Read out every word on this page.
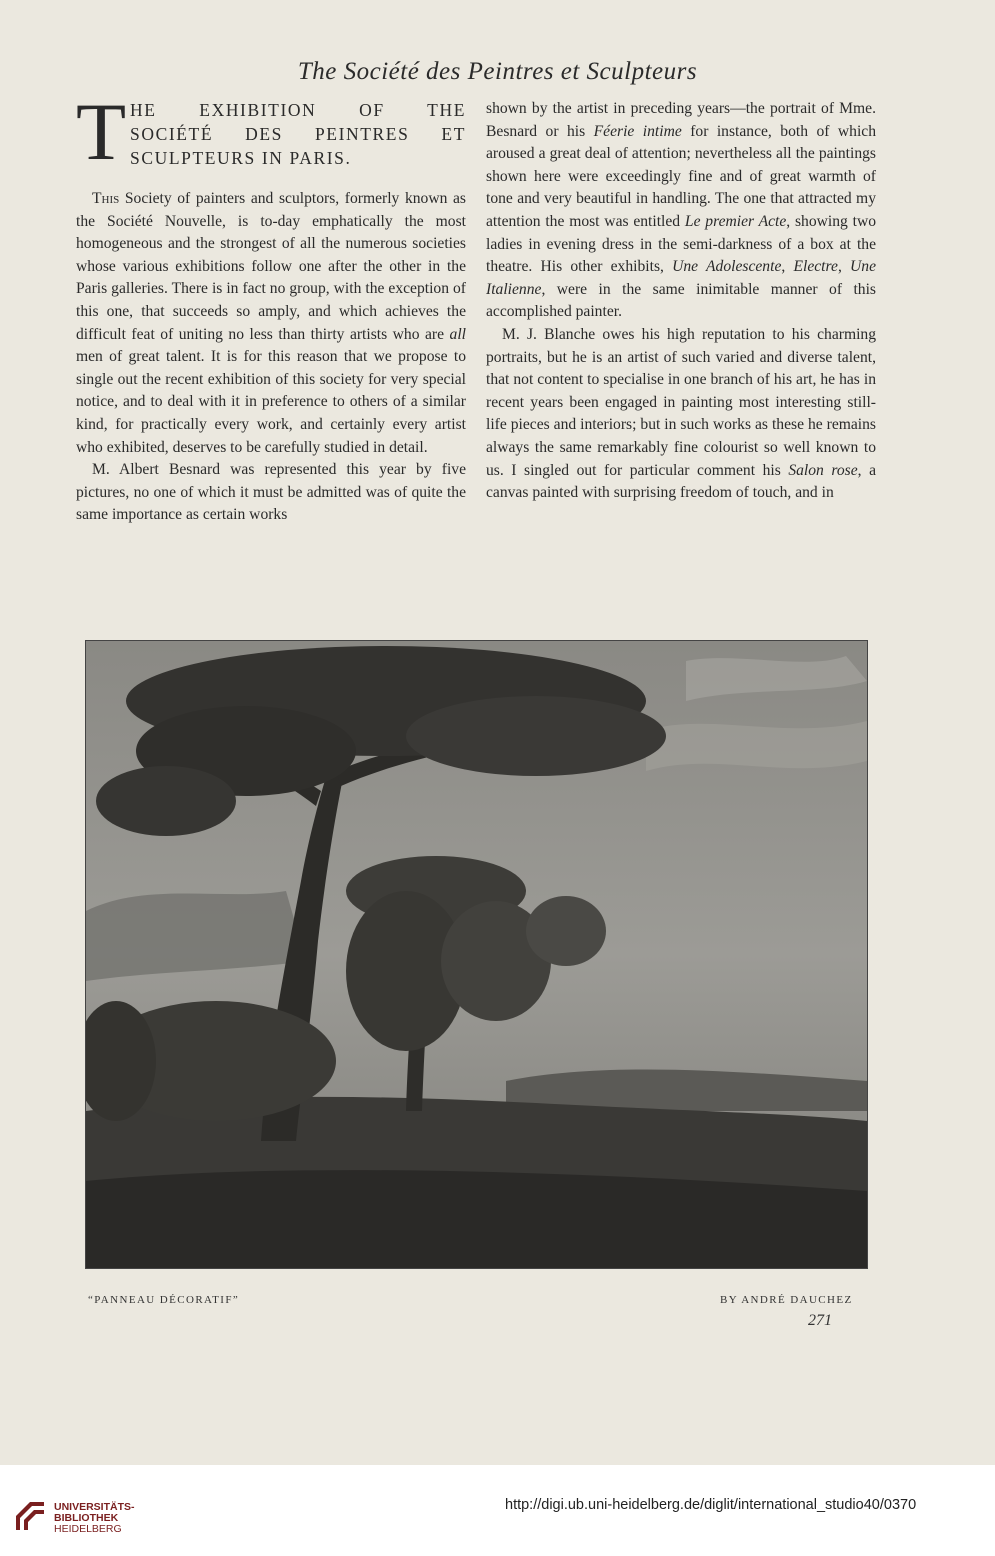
The Société des Peintres et Sculpteurs
T HE EXHIBITION OF THE
SOCIÉTÉ DES PEINTRES ET
SCULPTEURS IN PARIS.

This Society of painters and sculptors, formerly known as the Société Nouvelle, is to-day emphatically the most homogeneous and the strongest of all the numerous societies whose various exhibitions follow one after the other in the Paris galleries. There is in fact no group, with the exception of this one, that succeeds so amply, and which achieves the difficult feat of uniting no less than thirty artists who are all men of great talent. It is for this reason that we propose to single out the recent exhibition of this society for very special notice, and to deal with it in preference to others of a similar kind, for practically every work, and certainly every artist who exhibited, deserves to be carefully studied in detail.

M. Albert Besnard was represented this year by five pictures, no one of which it must be admitted was of quite the same importance as certain works

shown by the artist in preceding years—the portrait of Mme. Besnard or his Féerie intime for instance, both of which aroused a great deal of attention; nevertheless all the paintings shown here were exceedingly fine and of great warmth of tone and very beautiful in handling. The one that attracted my attention the most was entitled Le premier Acte, showing two ladies in evening dress in the semi-darkness of a box at the theatre. His other exhibits, Une Adolescente, Electre, Une Italienne, were in the same inimitable manner of this accomplished painter.

M. J. Blanche owes his high reputation to his charming portraits, but he is an artist of such varied and diverse talent, that not content to specialise in one branch of his art, he has in recent years been engaged in painting most interesting still-life pieces and interiors; but in such works as these he remains always the same remarkably fine colourist so well known to us. I singled out for particular comment his Salon rose, a canvas painted with surprising freedom of touch, and in

“PANNEAU DÉCORATIF”	BY ANDRÉ DAUCHEZ
271
UNIVERSITÄTS-
BIBLIOTHEK
HEIDELBERG
http://digi.ub.uni-heidelberg.de/diglit/international_studio40/0370
